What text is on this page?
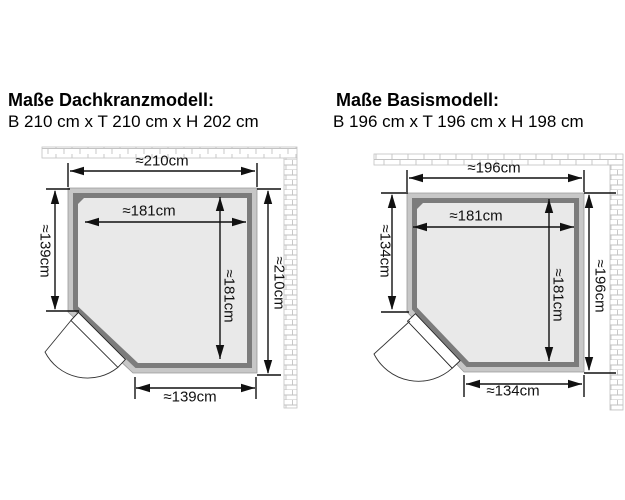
Maße Dachkranzmodell:
B 210 cm x T 210 cm x H 202 cm
Maße Basismodell:
B 196 cm x T 196 cm x H 198 cm
≈210cm
≈181cm
≈181cm
≈139cm
≈210cm
≈139cm
≈196cm
≈181cm
≈181cm
≈134cm
≈196cm
≈134cm
